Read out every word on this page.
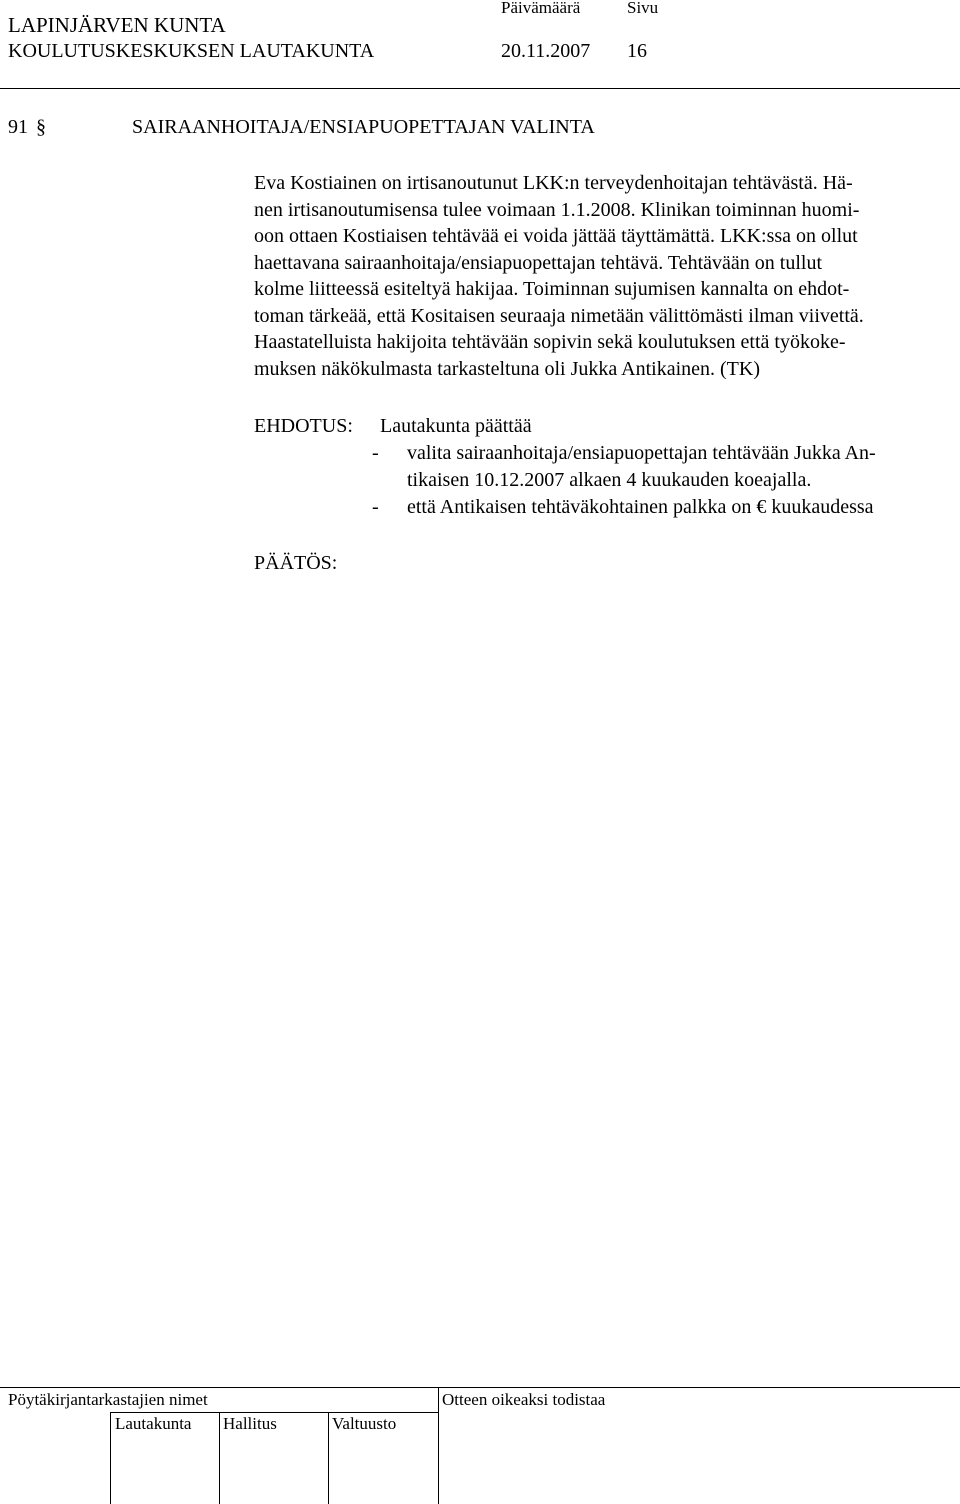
LAPINJÄRVEN KUNTA
Päivämäärä	Sivu
KOULUTUSKESKUKSEN LAUTAKUNTA	20.11.2007 16
91 §	SAIRAANHOITAJA/ENSIAPUOPETTAJAN VALINTA
Eva Kostiainen on irtisanoutunut LKK:n terveydenhoitajan tehtävästä. Hä-
nen irtisanoutumisensa tulee voimaan 1.1.2008. Klinikan toiminnan huomi-
oon ottaen Kostiaisen tehtävää ei voida jättää täyttämättä. LKK:ssa on ollut
haettavana sairaanhoitaja/ensiapuopettajan tehtävä. Tehtävään on tullut
kolme liitteessä esiteltyä hakijaa. Toiminnan sujumisen kannalta on ehdot-
toman tärkeää, että Kositaisen seuraaja nimetään välittömästi ilman viivettä.
Haastatelluista hakijoita tehtävään sopivin sekä koulutuksen että työkoke-
muksen näkökulmasta tarkasteltuna oli Jukka Antikainen. (TK)
EHDOTUS: Lautakunta päättää
- valita sairaanhoitaja/ensiapuopettajan tehtävään Jukka An-
tikaisen 10.12.2007 alkaen 4 kuukauden koeajalla.
- että Antikaisen tehtäväkohtainen palkka on € kuukaudessa
PÄÄTÖS:
Pöytäkirjantarkastajien nimet	Otteen oikeaksi todistaa
Lautakunta Hallitus	Valtuusto
